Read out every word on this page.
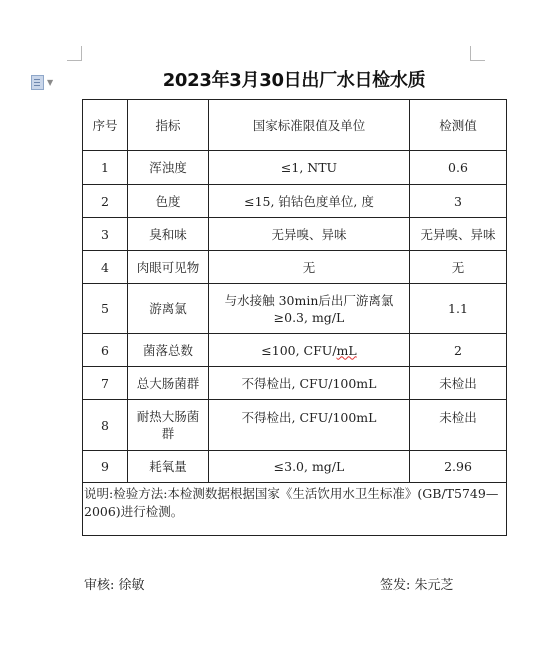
▼	2023年3月30日出厂水日检水质
序号	指标	国家标准限值及单位	检测值
1	浑浊度	≤1, NTU	0.6
2	色度	≤15, 铂钴色度单位, 度	3
3	臭和味	无异嗅、异味	无异嗅、异味
4	肉眼可见物	无	无
5	游离氯	与水接触 30min后出厂游离氯≥0.3, mg/L	1.1
6	菌落总数	≤100, CFU/mL	2
7	总大肠菌群	不得检出, CFU/100mL	未检出
8	耐热大肠菌群	不得检出, CFU/100mL	未检出
9	耗氧量	≤3.0, mg/L	2.96
说明:检验方法:本检测数据根据国家《生活饮用水卫生标准》(GB/T5749—2006)进行检测。			
审核: 徐敏	签发: 朱元芝
